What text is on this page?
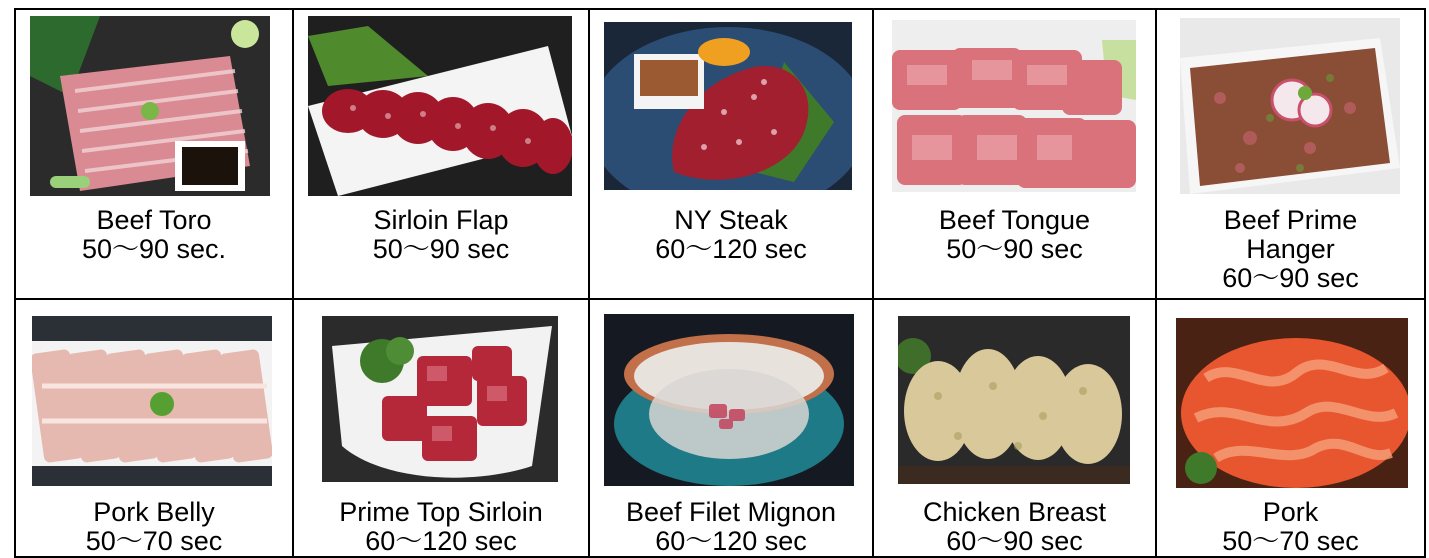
Beef Toro
50～90 sec.
Sirloin Flap
50～90 sec
NY Steak
60～120 sec
Beef Tongue
50～90 sec
Beef Prime
Hanger
60～90 sec
Pork Belly
50～70 sec
Prime Top Sirloin
60～120 sec
Beef Filet Mignon
60～120 sec
Chicken Breast
60～90 sec
Pork
50～70 sec
